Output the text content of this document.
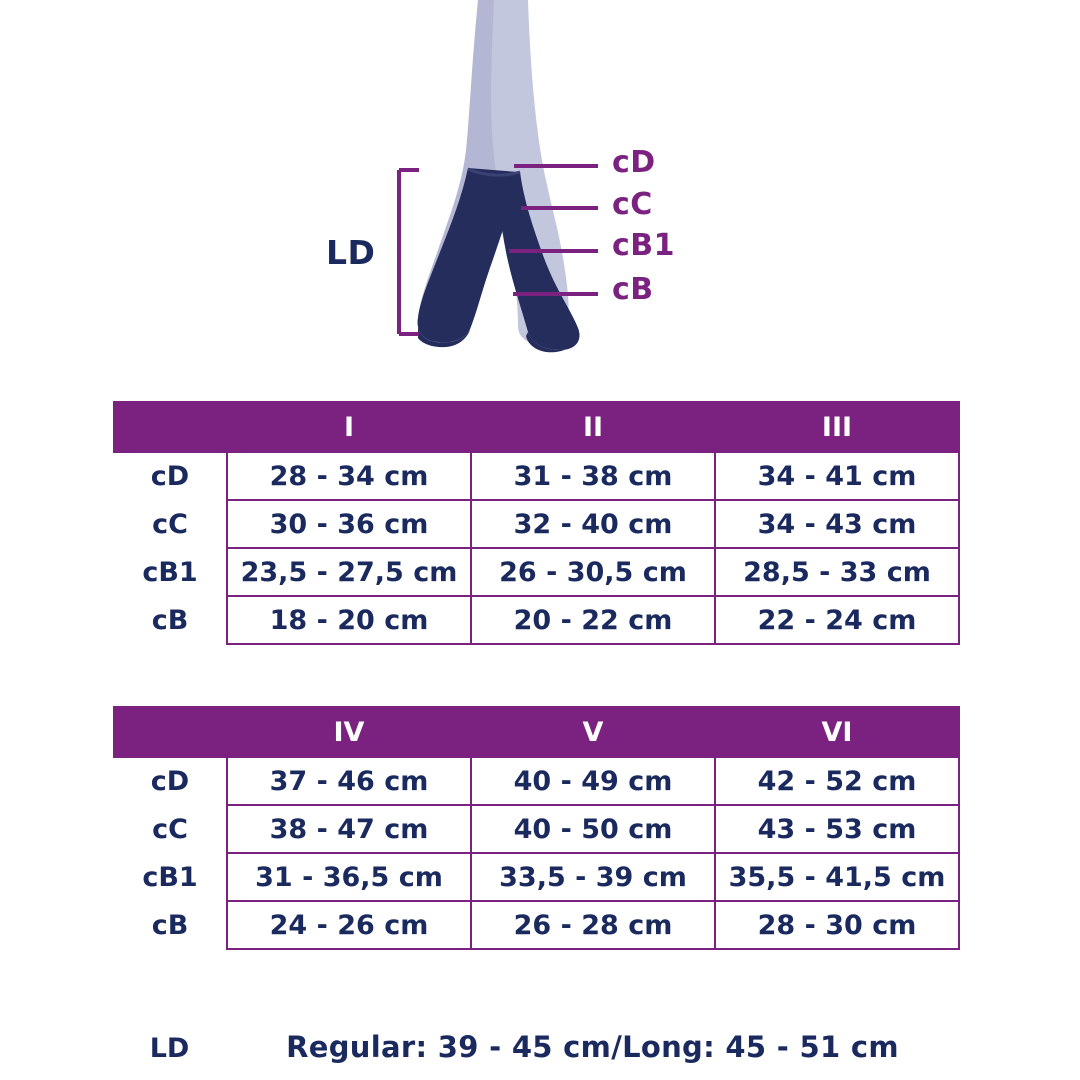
LD
cD
cC
cB1
cB
	I	II	III
cD	28 - 34 cm	31 - 38 cm	34 - 41 cm
cC	30 - 36 cm	32 - 40 cm	34 - 43 cm
cB1	23,5 - 27,5 cm	26 - 30,5 cm	28,5 - 33 cm
cB	18 - 20 cm	20 - 22 cm	22 - 24 cm
	IV	V	VI
cD	37 - 46 cm	40 - 49 cm	42 - 52 cm
cC	38 - 47 cm	40 - 50 cm	43 - 53 cm
cB1	31 - 36,5 cm	33,5 - 39 cm	35,5 - 41,5 cm
cB	24 - 26 cm	26 - 28 cm	28 - 30 cm
LD	Regular: 39 - 45 cm/Long: 45 - 51 cm
